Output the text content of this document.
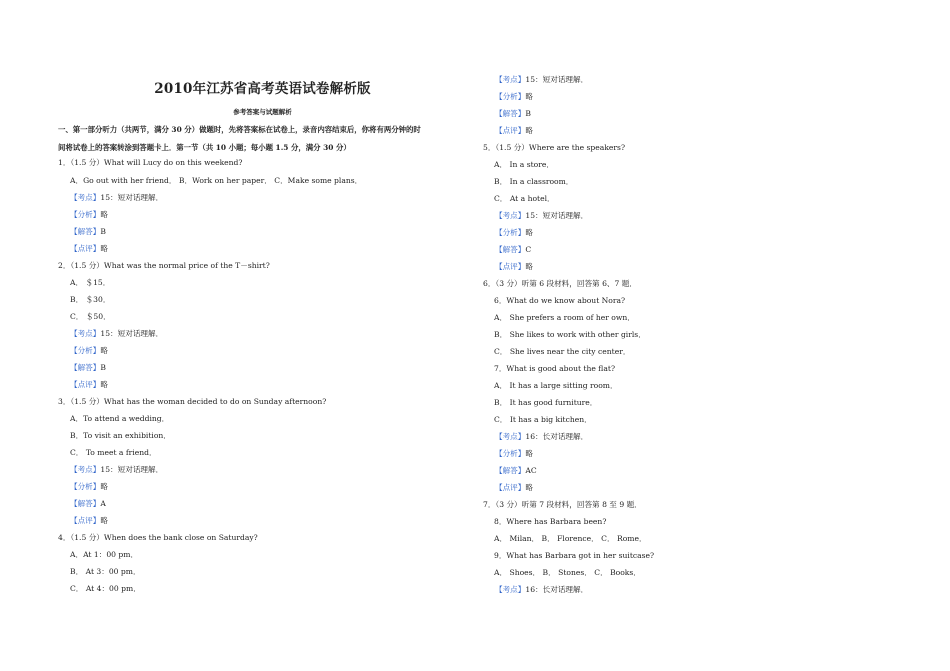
2010年江苏省高考英语试卷解析版
参考答案与试题解析
一、第一部分听力（共两节，满分 30 分）做题时，先将答案标在试卷上，录音内容结束后，你将有两分钟的时
间将试卷上的答案转涂到答题卡上．第一节（共 10 小题；每小题 1.5 分，满分 30 分）
1．（1.5 分）What will Lucy do on this weekend?
A．Go out with her friend． B．Work on her paper． C．Make some plans．
【考点】15：短对话理解．
【分析】略
【解答】B
【点评】略
2．（1.5 分）What was the normal price of the T－shirt?
A． ＄15．
B． ＄30．
C． ＄50．
【考点】15：短对话理解．
【分析】略
【解答】B
【点评】略
3．（1.5 分）What has the woman decided to do on Sunday afternoon?
A．To attend a wedding．
B．To visit an exhibition．
C． To meet a friend．
【考点】15：短对话理解．
【分析】略
【解答】A
【点评】略
4．（1.5 分）When does the bank close on Saturday?
A．At 1：00 pm．
B． At 3：00 pm．
C． At 4：00 pm．
【考点】15：短对话理解．
【分析】略
【解答】B
【点评】略
5．（1.5 分）Where are the speakers?
A． In a store．
B． In a classroom．
C． At a hotel．
【考点】15：短对话理解．
【分析】略
【解答】C
【点评】略
6．（3 分）听第 6 段材料，回答第 6、7 题．
6．What do we know about Nora?
A． She prefers a room of her own．
B． She likes to work with other girls．
C． She lives near the city center．
7．What is good about the flat?
A． It has a large sitting room．
B． It has good furniture．
C． It has a big kitchen．
【考点】16：长对话理解．
【分析】略
【解答】AC
【点评】略
7．（3 分）听第 7 段材料，回答第 8 至 9 题．
8．Where has Barbara been?
A． Milan． B． Florence． C． Rome．
9．What has Barbara got in her suitcase?
A． Shoes． B． Stones． C． Books．
【考点】16：长对话理解．
